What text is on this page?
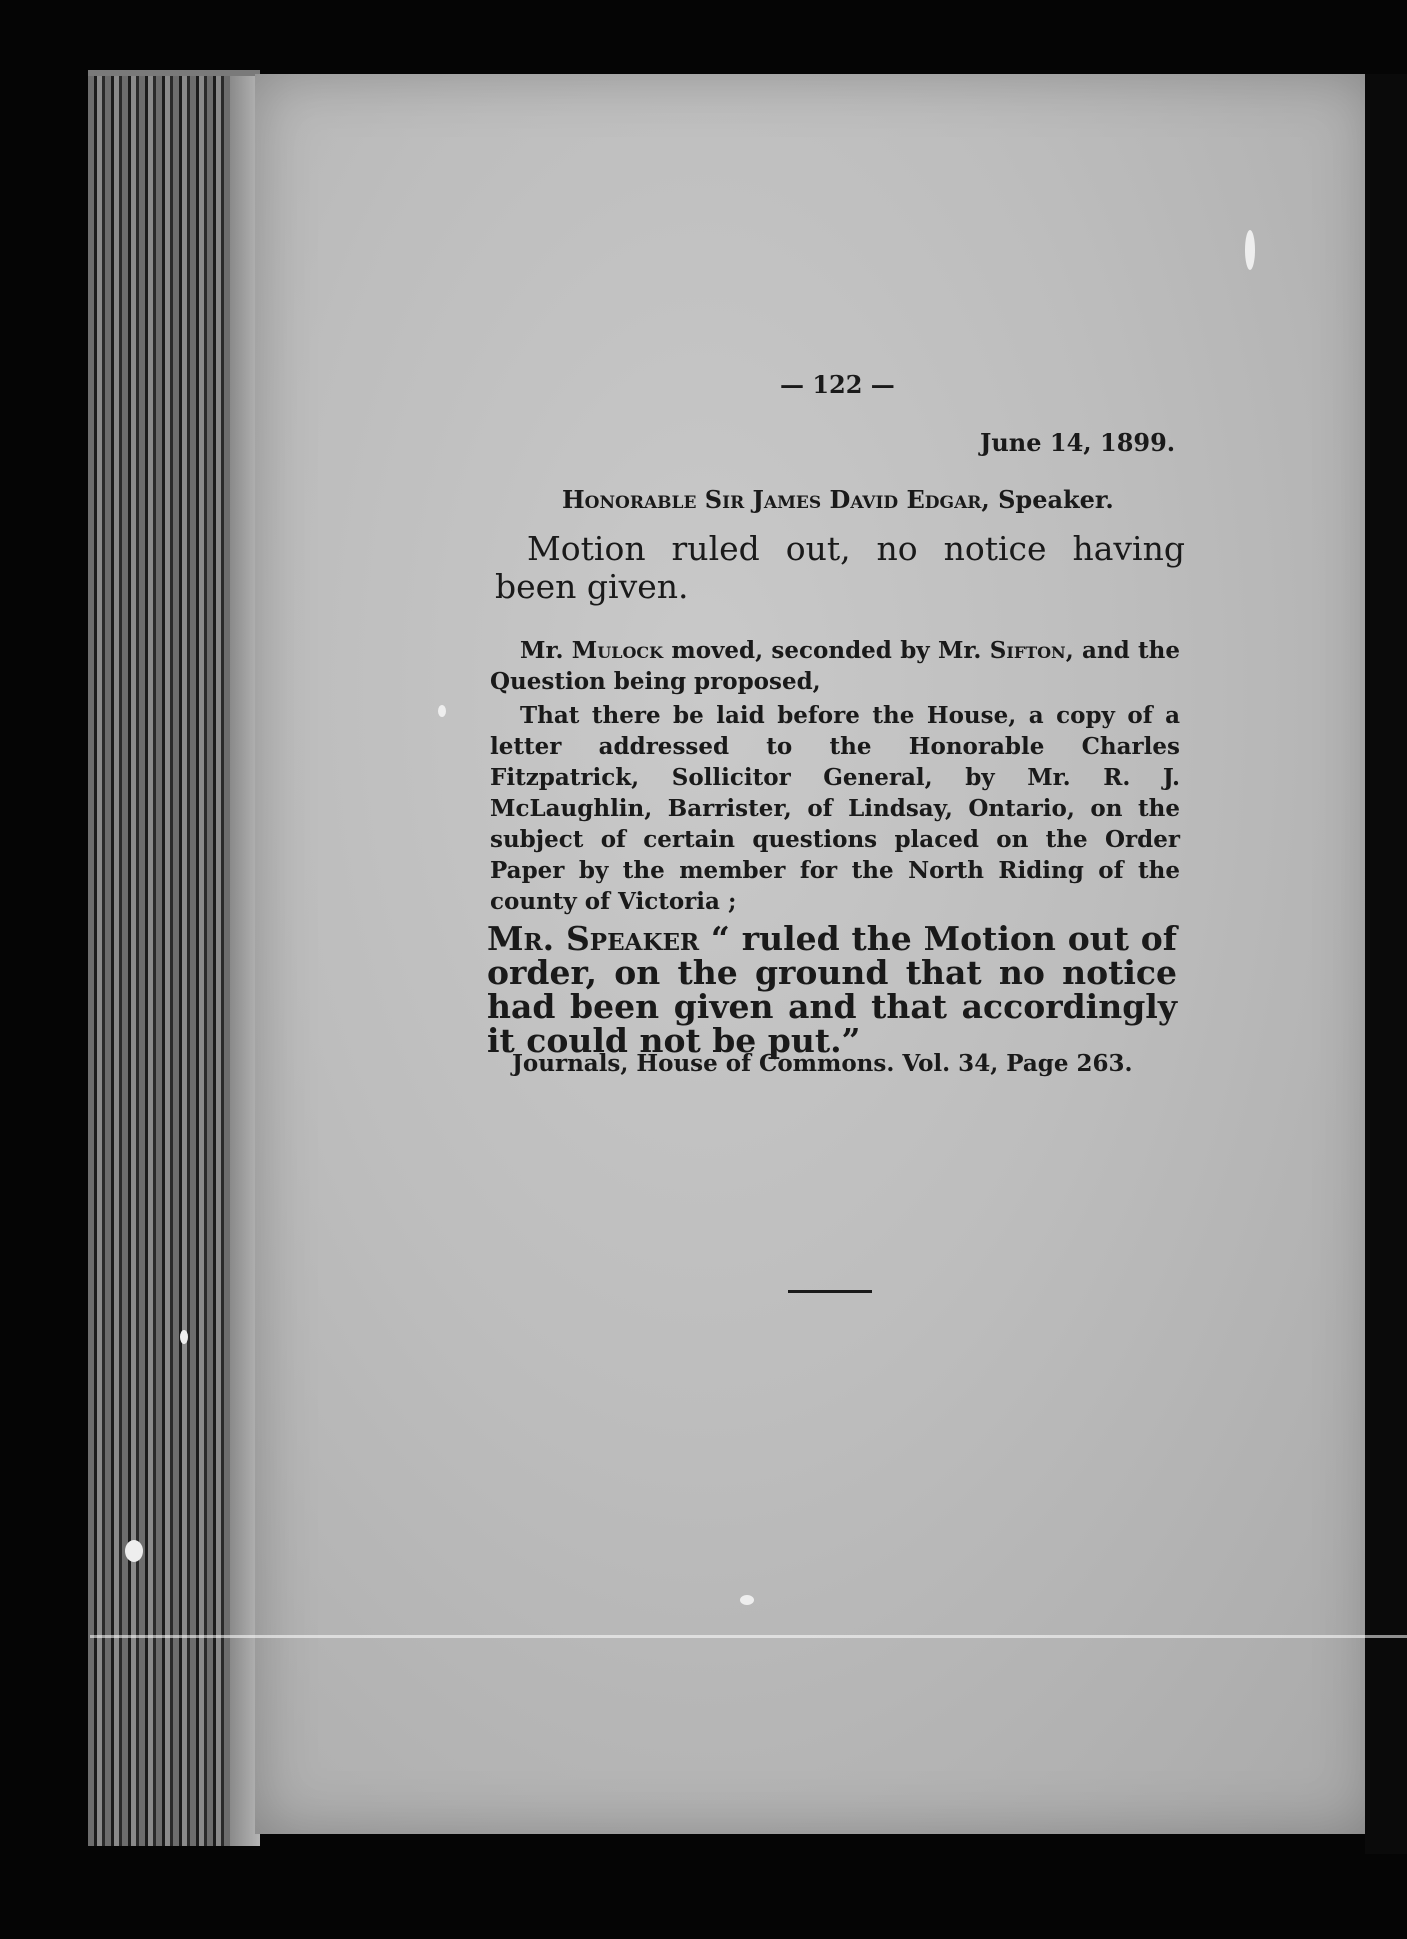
— 122 —
June 14, 1899.
Honorable Sir James David Edgar, Speaker.
Motion ruled out, no notice having been given.
Mr. Mulock moved, seconded by Mr. Sifton, and the Question being proposed,
That there be laid before the House, a copy of a letter addressed to the Honorable Charles Fitzpatrick, Sollicitor General, by Mr. R. J. McLaughlin, Barrister, of Lindsay, Ontario, on the subject of certain questions placed on the Order Paper by the member for the North Riding of the county of Victoria ;
Mr. Speaker “ ruled the Motion out of order, on the ground that no notice had been given and that accordingly it could not be put.”
Journals, House of Commons. Vol. 34, Page 263.
